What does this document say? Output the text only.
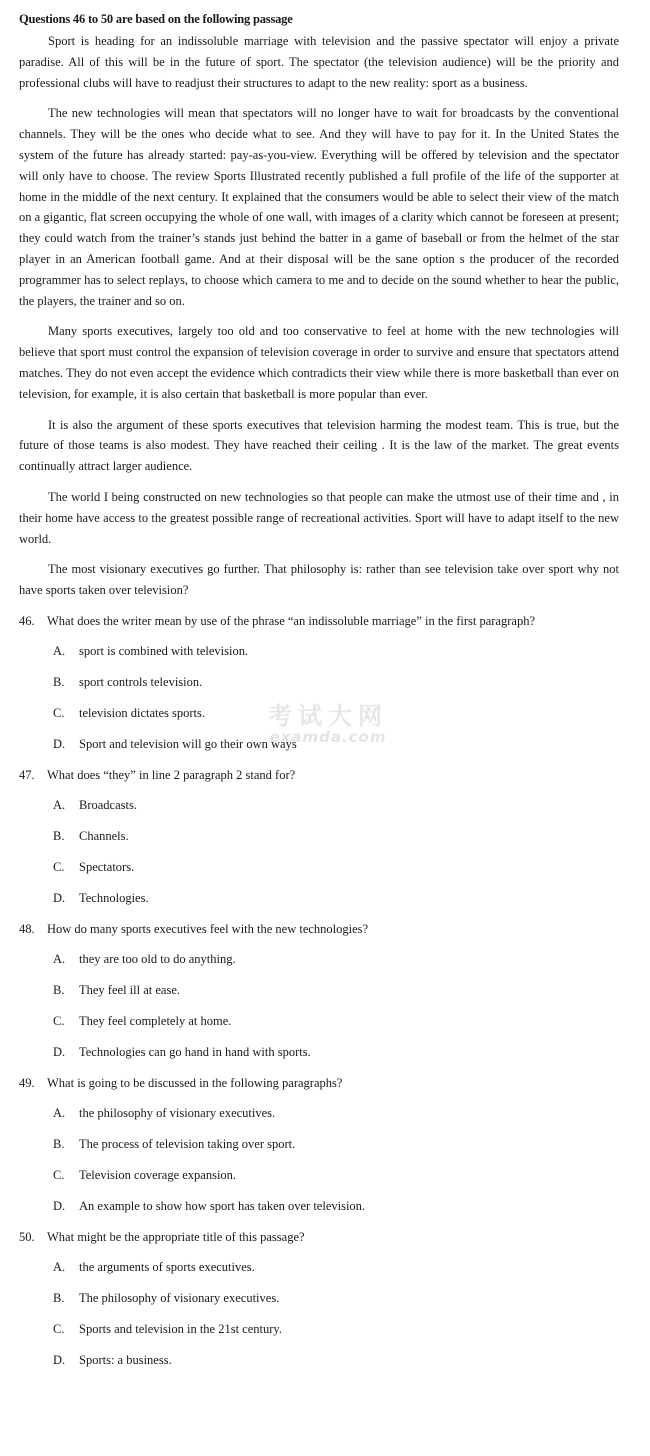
Questions 46 to 50 are based on the following passage

Sport is heading for an indissoluble marriage with television and the passive spectator will enjoy a private paradise. All of this will be in the future of sport. The spectator (the television audience) will be the priority and professional clubs will have to readjust their structures to adapt to the new reality: sport as a business.

The new technologies will mean that spectators will no longer have to wait for broadcasts by the conventional channels. They will be the ones who decide what to see. And they will have to pay for it. In the United States the system of the future has already started: pay-as-you-view. Everything will be offered by television and the spectator will only have to choose. The review Sports Illustrated recently published a full profile of the life of the supporter at home in the middle of the next century. It explained that the consumers would be able to select their view of the match on a gigantic, flat screen occupying the whole of one wall, with images of a clarity which cannot be foreseen at present; they could watch from the trainer’s stands just behind the batter in a game of baseball or from the helmet of the star player in an American football game. And at their disposal will be the sane option s the producer of the recorded programmer has to select replays, to choose which camera to me and to decide on the sound whether to hear the public, the players, the trainer and so on.

Many sports executives, largely too old and too conservative to feel at home with the new technologies will believe that sport must control the expansion of television coverage in order to survive and ensure that spectators attend matches. They do not even accept the evidence which contradicts their view while there is more basketball than ever on television, for example, it is also certain that basketball is more popular than ever.

It is also the argument of these sports executives that television harming the modest team. This is true, but the future of those teams is also modest. They have reached their ceiling . It is the law of the market. The great events continually attract larger audience.

The world I being constructed on new technologies so that people can make the utmost use of their time and , in their home have access to the greatest possible range of recreational activities. Sport will have to adapt itself to the new world.

The most visionary executives go further. That philosophy is: rather than see television take over sport why not have sports taken over television?

46. What does the writer mean by use of the phrase “an indissoluble marriage” in the first paragraph?
A.	sport is combined with television.
B.	sport controls television.
C.	television dictates sports.
D.	Sport and television will go their own ways
47. What does “they” in line 2 paragraph 2 stand for?
A.	Broadcasts.
B.	Channels.
C.	Spectators.
D.	Technologies.
48. How do many sports executives feel with the new technologies?
A.	they are too old to do anything.
B.	They feel ill at ease.
C.	They feel completely at home.
D.	Technologies can go hand in hand with sports.
49. What is going to be discussed in the following paragraphs?
A.	the philosophy of visionary executives.
B.	The process of television taking over sport.
C.	Television coverage expansion.
D.	An example to show how sport has taken over television.
50. What might be the appropriate title of this passage?
A.	the arguments of sports executives.
B.	The philosophy of visionary executives.
C.	Sports and television in the 21st century.
D.	Sports: a business.
考试大网
examda.com
